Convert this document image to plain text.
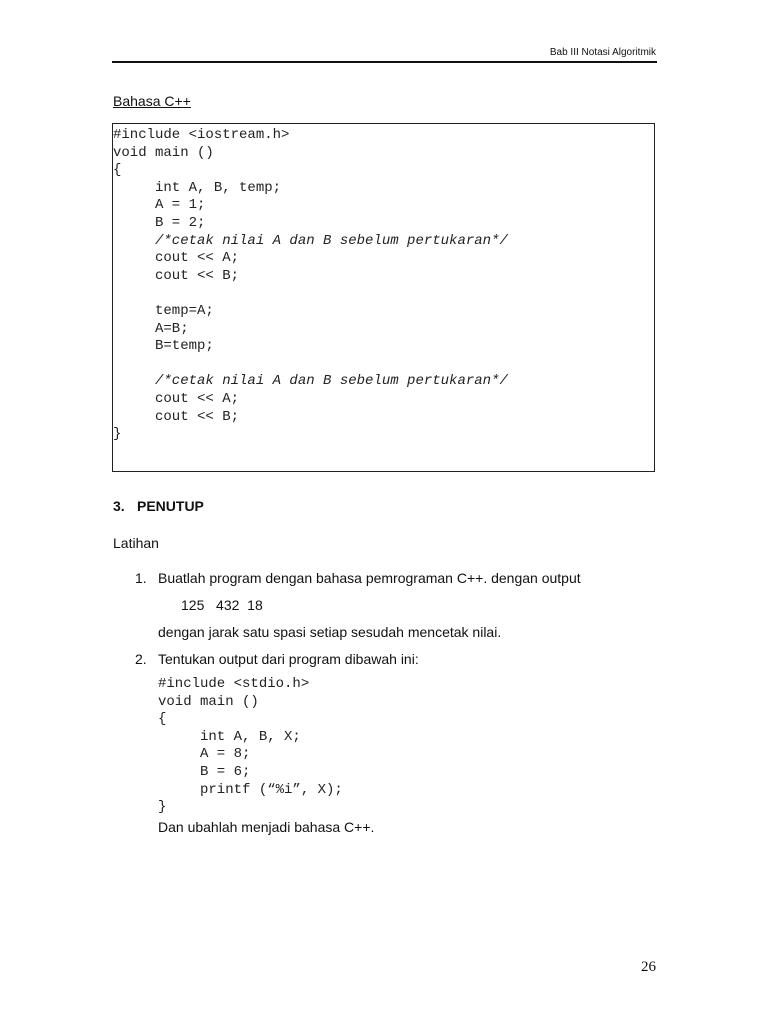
Bab III Notasi Algoritmik
Bahasa C++
#include <iostream.h>
void main ()
{
int A, B, temp;
A = 1;
B = 2;
/*cetak nilai A dan B sebelum pertukaran*/
cout << A;
cout << B;
temp=A;
A=B;
B=temp;
/*cetak nilai A dan B sebelum pertukaran*/
cout << A;
cout << B;
}
3. PENUTUP
Latihan
1. Buatlah program dengan bahasa pemrograman C++. dengan output
125   432  18
dengan jarak satu spasi setiap sesudah mencetak nilai.
2. Tentukan output dari program dibawah ini:
#include <stdio.h>
void main ()
{
int A, B, X;
A = 8;
B = 6;
printf (“%i”, X);
}
Dan ubahlah menjadi bahasa C++.
26
